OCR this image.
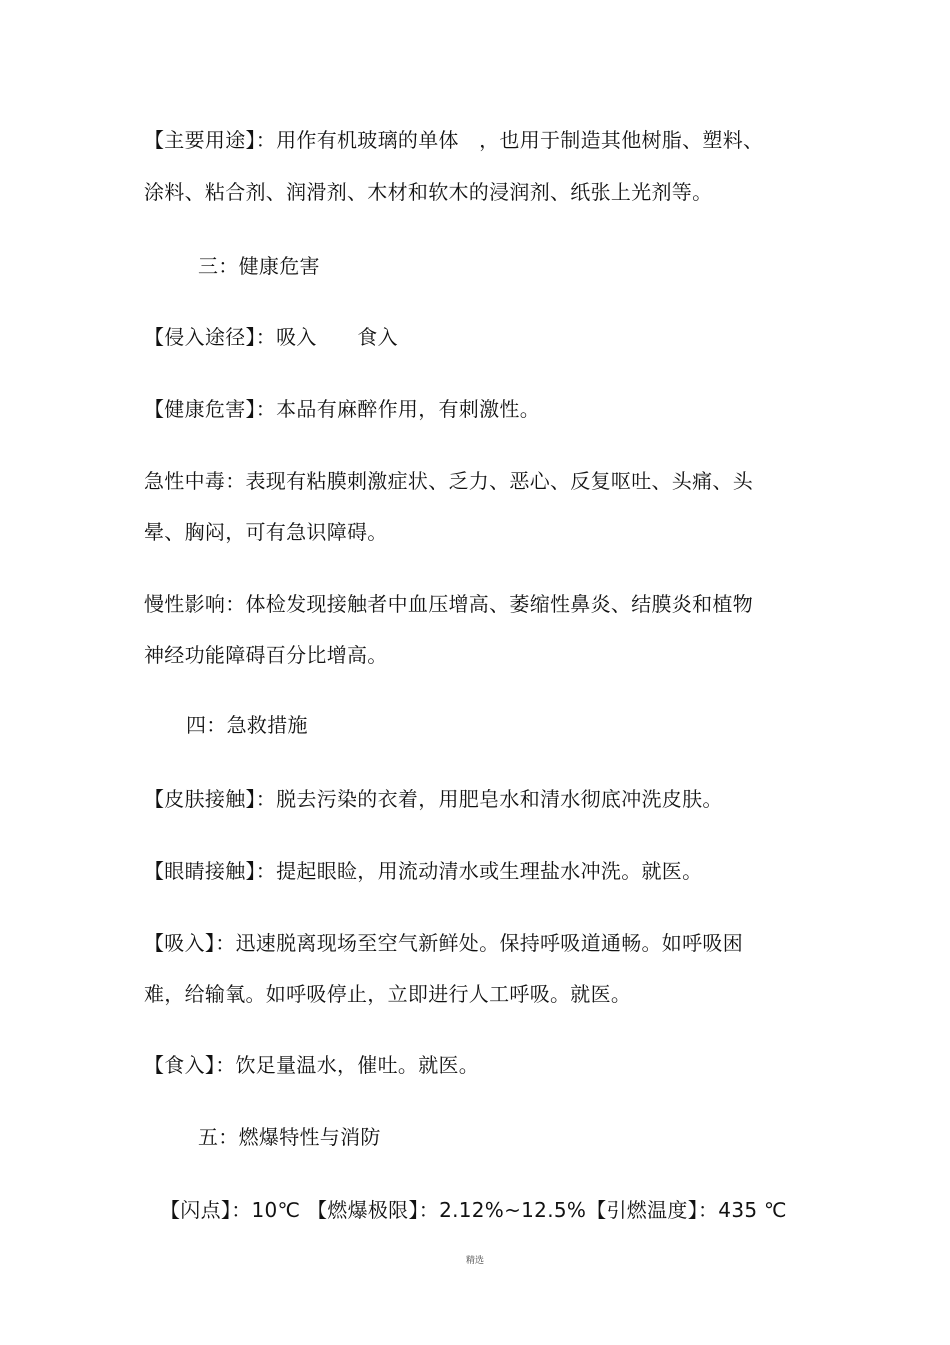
【主要用途】：用作有机玻璃的单体　，也用于制造其他树脂、塑料、
涂料、粘合剂、润滑剂、木材和软木的浸润剂、纸张上光剂等。
三：健康危害
【侵入途径】：吸入　　食入
【健康危害】：本品有麻醉作用，有刺激性。
急性中毒：表现有粘膜刺激症状、乏力、恶心、反复呕吐、头痛、头
晕、胸闷，可有急识障碍。
慢性影响：体检发现接触者中血压增高、萎缩性鼻炎、结膜炎和植物
神经功能障碍百分比增高。
四：急救措施
【皮肤接触】：脱去污染的衣着，用肥皂水和清水彻底冲洗皮肤。
【眼睛接触】：提起眼睑，用流动清水或生理盐水冲洗。就医。
【吸入】：迅速脱离现场至空气新鲜处。保持呼吸道通畅。如呼吸困
难，给输氧。如呼吸停止，立即进行人工呼吸。就医。
【食入】：饮足量温水，催吐。就医。
五：燃爆特性与消防
【闪点】：10℃ 【燃爆极限】：2.12%~12.5%【引燃温度】：435 ℃
精选
